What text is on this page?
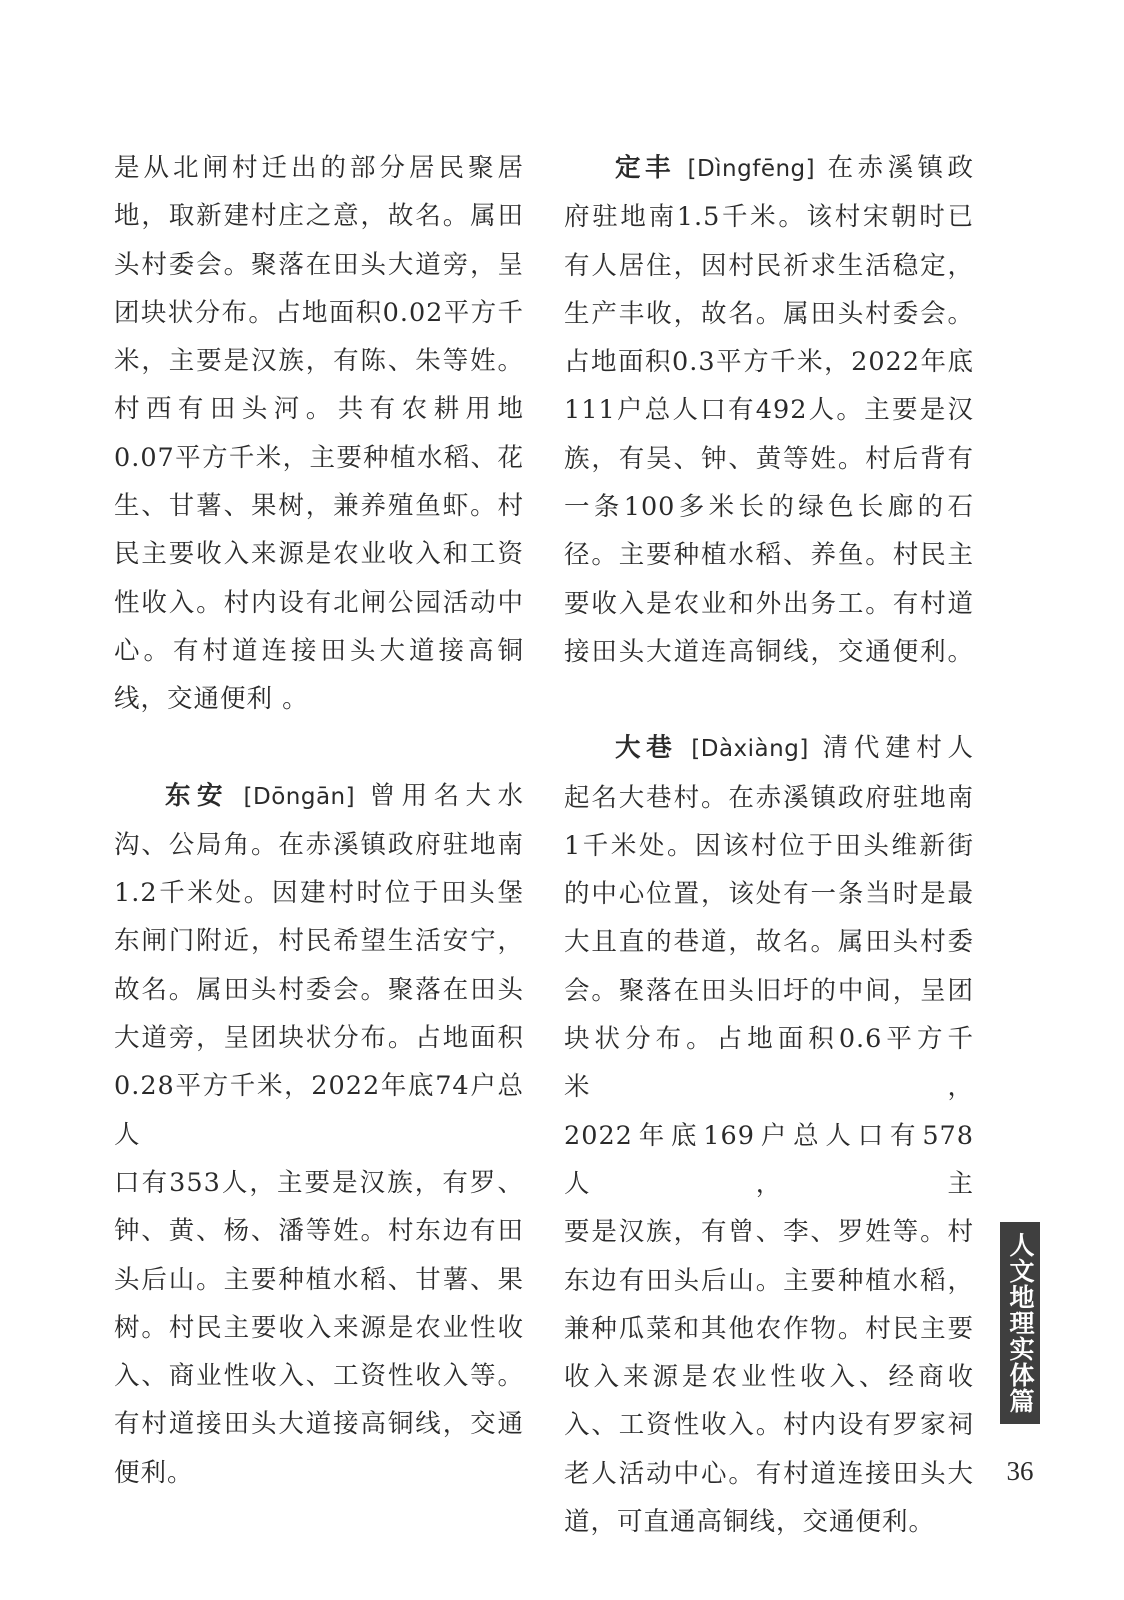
是从北闸村迁出的部分居民聚居

地，取新建村庄之意，故名。属田

头村委会。聚落在田头大道旁，呈

团块状分布。占地面积0.02平方千

米，主要是汉族，有陈、朱等姓。

村西有田头河。共有农耕用地

0.07平方千米，主要种植水稻、花

生、甘薯、果树，兼养殖鱼虾。村

民主要收入来源是农业收入和工资

性收入。村内设有北闸公园活动中

心。有村道连接田头大道接高铜

线，交通便利 。

东安 [Dōngān] 曾用名大水

沟、公局角。在赤溪镇政府驻地南

1.2千米处。因建村时位于田头堡

东闸门附近，村民希望生活安宁，

故名。属田头村委会。聚落在田头

大道旁，呈团块状分布。占地面积

0.28平方千米，2022年底74户总人

口有353人，主要是汉族，有罗、

钟、黄、杨、潘等姓。村东边有田

头后山。主要种植水稻、甘薯、果

树。村民主要收入来源是农业性收

入、商业性收入、工资性收入等。

有村道接田头大道接高铜线，交通

便利。

定丰 [Dìngfēng] 在赤溪镇政

府驻地南1.5千米。该村宋朝时已

有人居住，因村民祈求生活稳定，

生产丰收，故名。属田头村委会。

占地面积0.3平方千米，2022年底

111户总人口有492人。主要是汉

族，有吴、钟、黄等姓。村后背有

一条100多米长的绿色长廊的石

径。主要种植水稻、养鱼。村民主

要收入是农业和外出务工。有村道

接田头大道连高铜线，交通便利。

大巷 [Dàxiàng] 清代建村人

起名大巷村。在赤溪镇政府驻地南

1千米处。因该村位于田头维新街

的中心位置，该处有一条当时是最

大且直的巷道，故名。属田头村委

会。聚落在田头旧圩的中间，呈团

块状分布。占地面积0.6平方千米，

2022年底169户总人口有578人，主

要是汉族，有曾、李、罗姓等。村

东边有田头后山。主要种植水稻，

兼种瓜菜和其他农作物。村民主要

收入来源是农业性收入、经商收

入、工资性收入。村内设有罗家祠

老人活动中心。有村道连接田头大

道，可直通高铜线，交通便利。

人文地理实体篇
36
